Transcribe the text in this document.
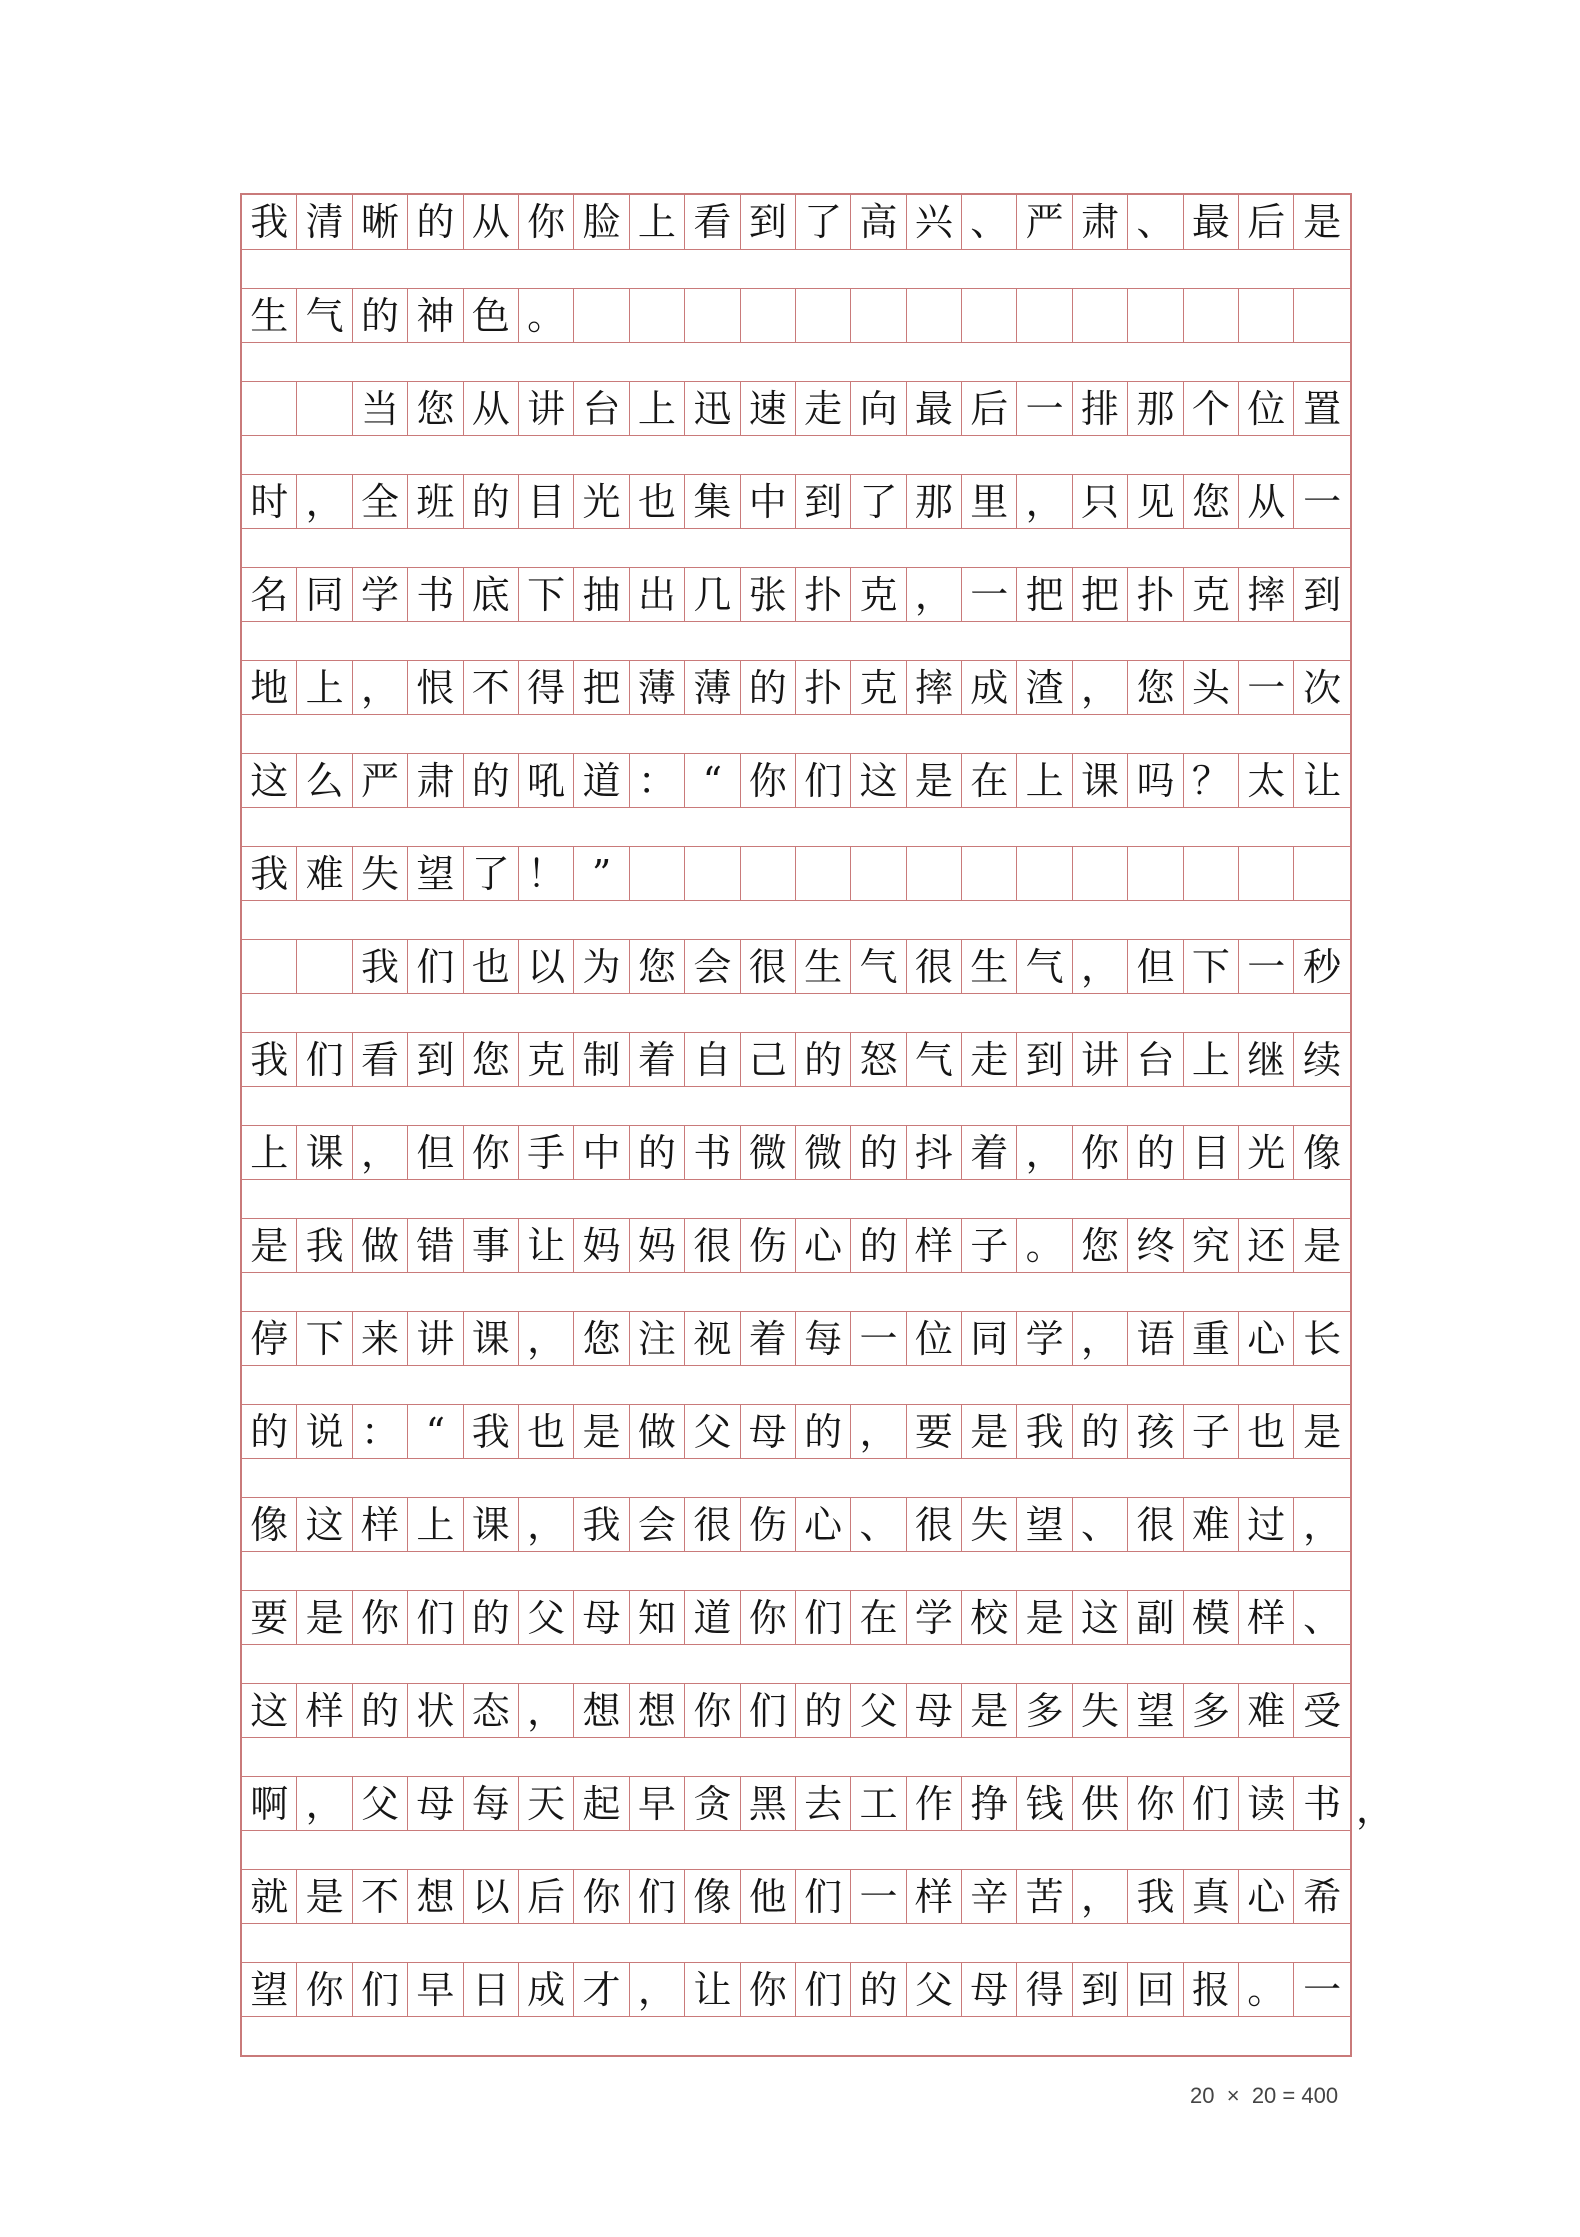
我 清 晰 的 从 你 脸 上 看 到 了 高 兴 、 严 肃 、 最 后 是
生 气 的 神 色 。
当 您 从 讲 台 上 迅 速 走 向 最 后 一 排 那 个 位 置
时 ， 全 班 的 目 光 也 集 中 到 了 那 里 ， 只 见 您 从 一
名 同 学 书 底 下 抽 出 几 张 扑 克 ， 一 把 把 扑 克 摔 到
地 上 ， 恨 不 得 把 薄 薄 的 扑 克 摔 成 渣 ， 您 头 一 次
这 么 严 肃 的 吼 道 ： “ 你 们 这 是 在 上 课 吗 ？ 太 让
我 难 失 望 了 ！ ”
我 们 也 以 为 您 会 很 生 气 很 生 气 ， 但 下 一 秒
我 们 看 到 您 克 制 着 自 己 的 怒 气 走 到 讲 台 上 继 续
上 课 ， 但 你 手 中 的 书 微 微 的 抖 着 ， 你 的 目 光 像
是 我 做 错 事 让 妈 妈 很 伤 心 的 样 子 。 您 终 究 还 是
停 下 来 讲 课 ， 您 注 视 着 每 一 位 同 学 ， 语 重 心 长
的 说 ： “ 我 也 是 做 父 母 的 ， 要 是 我 的 孩 子 也 是
像 这 样 上 课 ， 我 会 很 伤 心 、 很 失 望 、 很 难 过 ，
要 是 你 们 的 父 母 知 道 你 们 在 学 校 是 这 副 模 样 、
这 样 的 状 态 ， 想 想 你 们 的 父 母 是 多 失 望 多 难 受
啊 ， 父 母 每 天 起 早 贪 黑 去 工 作 挣 钱 供 你 们 读 书
就 是 不 想 以 后 你 们 像 他 们 一 样 辛 苦 ， 我 真 心 希
望 你 们 早 日 成 才 ， 让 你 们 的 父 母 得 到 回 报 。 一
，
20 × 20 = 400
